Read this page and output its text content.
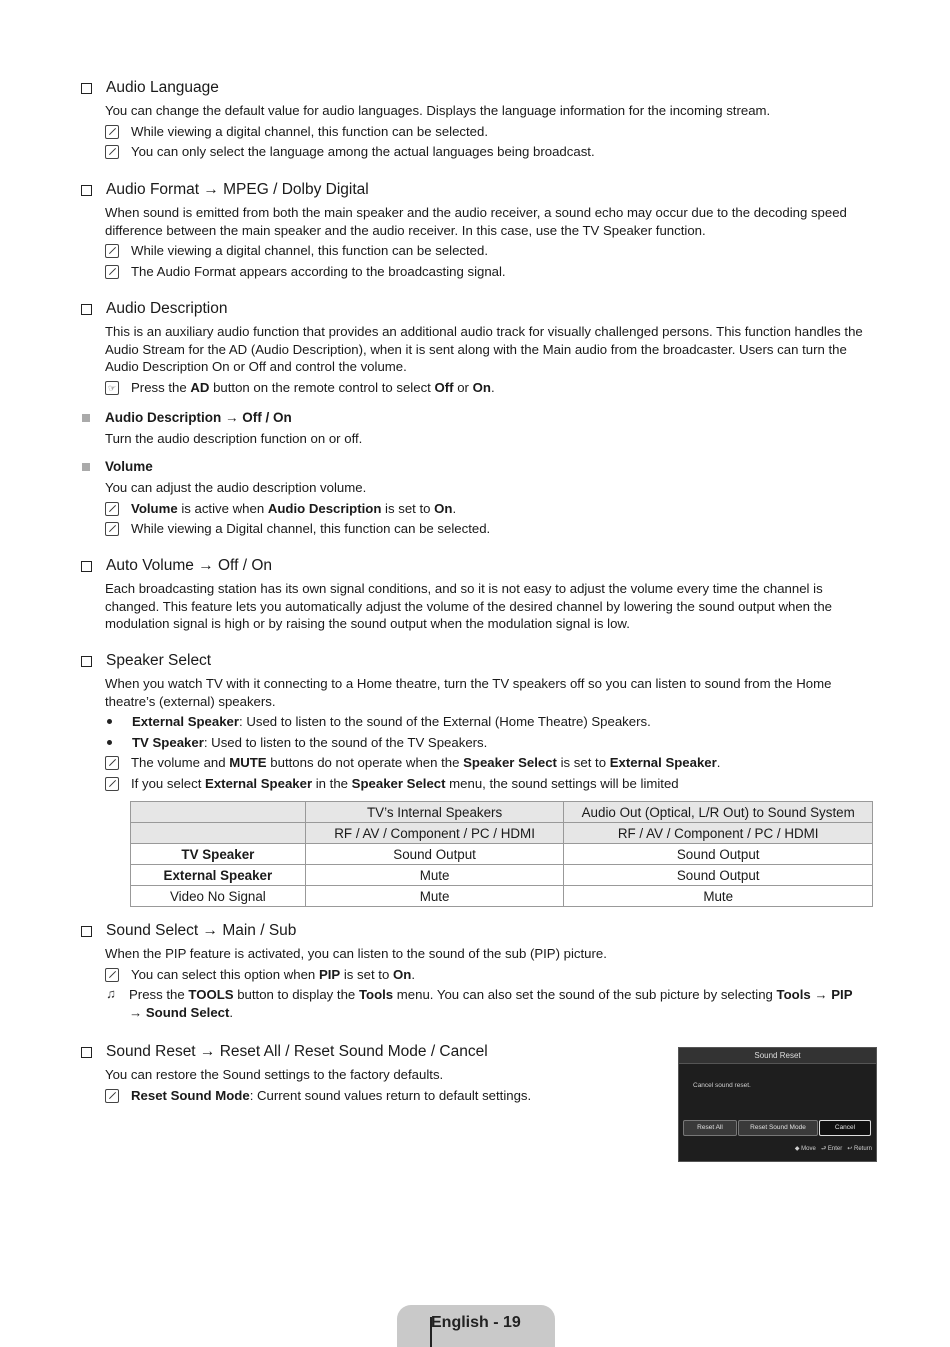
Audio Language

You can change the default value for audio languages. Displays the language information for the incoming stream.

While viewing a digital channel, this function can be selected.
You can only select the language among the actual languages being broadcast.
Audio Format → MPEG / Dolby Digital

When sound is emitted from both the main speaker and the audio receiver, a sound echo may occur due to the decoding speed difference between the main speaker and the audio receiver. In this case, use the TV Speaker function.

While viewing a digital channel, this function can be selected.
The Audio Format appears according to the broadcasting signal.
Audio Description

This is an auxiliary audio function that provides an additional audio track for visually challenged persons. This function handles the Audio Stream for the AD (Audio Description), when it is sent along with the Main audio from the broadcaster. Users can turn the Audio Description On or Off and control the volume.

☞ Press the AD button on the remote control to select Off or On.
Audio Description → Off / On

Turn the audio description function on or off.

Volume

You can adjust the audio description volume.

Volume is active when Audio Description is set to On.
While viewing a Digital channel, this function can be selected.
Auto Volume → Off / On

Each broadcasting station has its own signal conditions, and so it is not easy to adjust the volume every time the channel is changed. This feature lets you automatically adjust the volume of the desired channel by lowering the sound output when the modulation signal is high or by raising the sound output when the modulation signal is low.

Speaker Select

When you watch TV with it connecting to a Home theatre, turn the TV speakers off so you can listen to sound from the Home theatre’s (external) speakers.

External Speaker: Used to listen to the sound of the External (Home Theatre) Speakers.
TV Speaker: Used to listen to the sound of the TV Speakers.
The volume and MUTE buttons do not operate when the Speaker Select is set to External Speaker.
If you select External Speaker in the Speaker Select menu, the sound settings will be limited
	TV’s Internal Speakers	Audio Out (Optical, L/R Out) to Sound System
	RF / AV / Component / PC / HDMI	RF / AV / Component / PC / HDMI
TV Speaker	Sound Output	Sound Output
External Speaker	Mute	Sound Output
Video No Signal	Mute	Mute
Sound Select → Main / Sub

When the PIP feature is activated, you can listen to the sound of the sub (PIP) picture.

You can select this option when PIP is set to On.
♫ Press the TOOLS button to display the Tools menu. You can also set the sound of the sub picture by selecting Tools → PIP
→ Sound Select.
Sound Reset → Reset All / Reset Sound Mode / Cancel

You can restore the Sound settings to the factory defaults.

Reset Sound Mode: Current sound values return to default settings.
Sound Reset
Cancel sound reset.
Reset All	Reset Sound Mode	Cancel
◆ Move ⮐ Enter ↩ Return
English - 19
